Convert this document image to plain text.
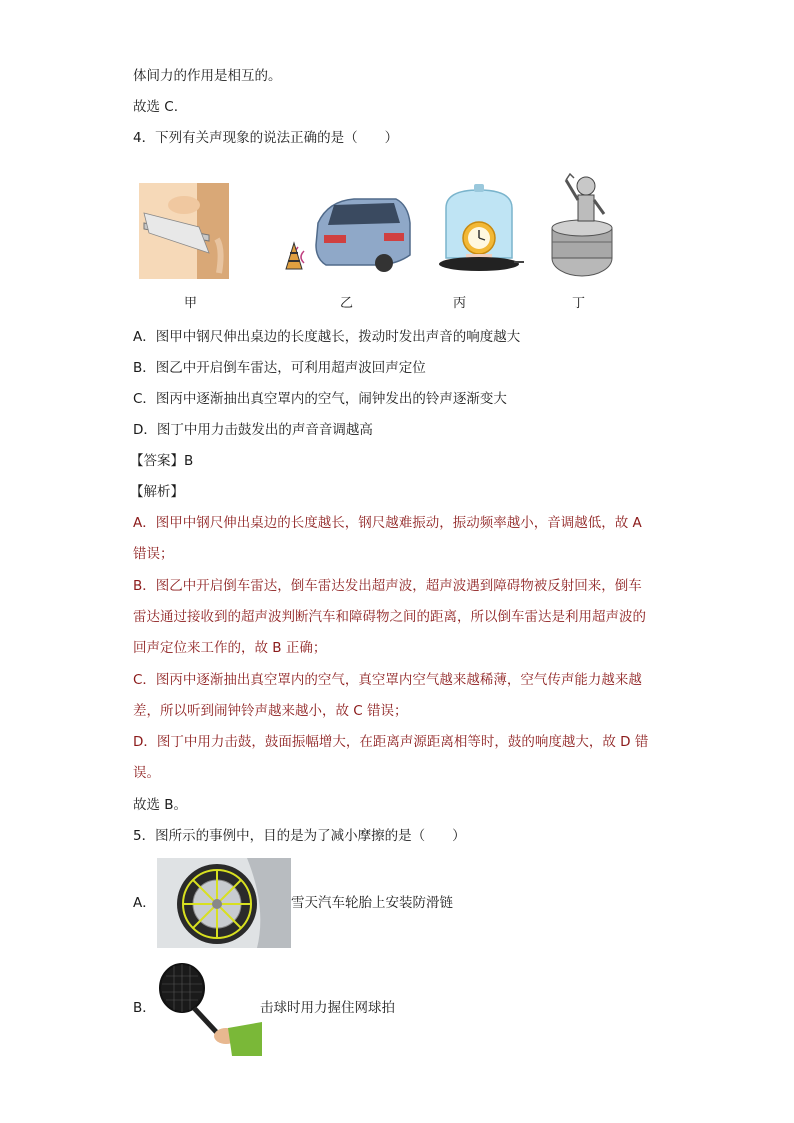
体间力的作用是相互的。
故选 C.
4．下列有关声现象的说法正确的是（　　）
甲	乙	丙	丁
A．图甲中钢尺伸出桌边的长度越长，拨动时发出声音的响度越大
B．图乙中开启倒车雷达，可利用超声波回声定位
C．图丙中逐渐抽出真空罩内的空气，闹钟发出的铃声逐渐变大
D．图丁中用力击鼓发出的声音音调越高
【答案】B
【解析】
A．图甲中钢尺伸出桌边的长度越长，钢尺越难振动，振动频率越小，音调越低，故 A
错误；
B．图乙中开启倒车雷达，倒车雷达发出超声波，超声波遇到障碍物被反射回来，倒车
雷达通过接收到的超声波判断汽车和障碍物之间的距离，所以倒车雷达是利用超声波的
回声定位来工作的，故 B 正确；
C．图丙中逐渐抽出真空罩内的空气，真空罩内空气越来越稀薄，空气传声能力越来越
差，所以听到闹钟铃声越来越小，故 C 错误；
D．图丁中用力击鼓，鼓面振幅增大，在距离声源距离相等时，鼓的响度越大，故 D 错
误。
故选 B。
5．图所示的事例中，目的是为了减小摩擦的是（　　）
A．	雪天汽车轮胎上安装防滑链
B．	击球时用力握住网球拍
